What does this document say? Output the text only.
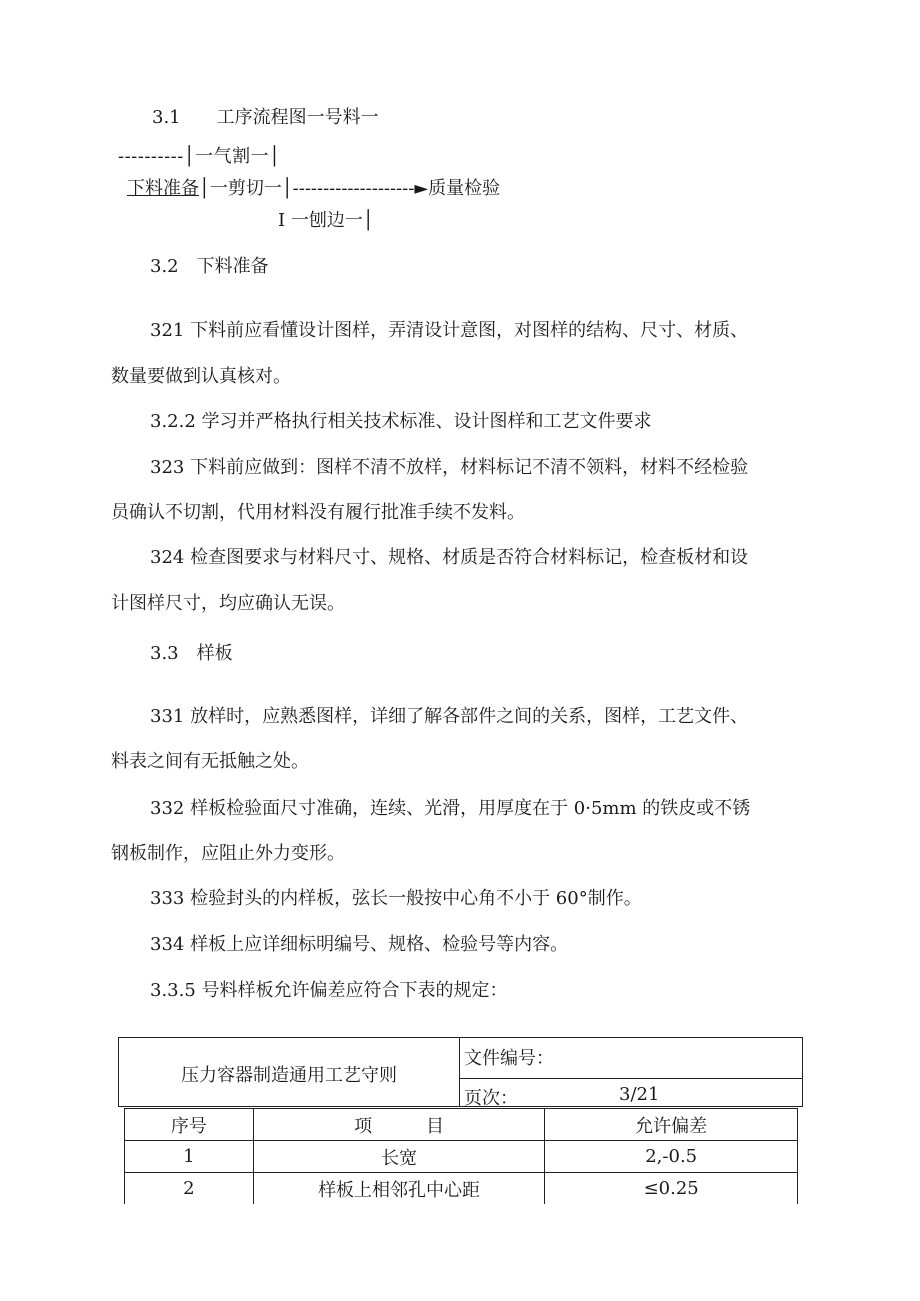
3.1　　工序流程图一号料一
----------│一气割一│
下料准备│一剪切一│--------------------►质量检验
I 一刨边一│
3.2　下料准备
321 下料前应看懂设计图样，弄清设计意图，对图样的结构、尺寸、材质、
数量要做到认真核对。
3.2.2 学习并严格执行相关技术标准、设计图样和工艺文件要求
323 下料前应做到：图样不清不放样，材料标记不清不领料，材料不经检验
员确认不切割，代用材料没有履行批准手续不发料。
324 检查图要求与材料尺寸、规格、材质是否符合材料标记，检查板材和设
计图样尺寸，均应确认无误。
3.3　样板
331 放样时，应熟悉图样，详细了解各部件之间的关系，图样，工艺文件、
料表之间有无抵触之处。
332 样板检验面尺寸准确，连续、光滑，用厚度在于 0·5mm 的铁皮或不锈
钢板制作，应阻止外力变形。
333 检验封头的内样板，弦长一般按中心角不小于 60°制作。
334 样板上应详细标明编号、规格、检验号等内容。
3.3.5 号料样板允许偏差应符合下表的规定：
压力容器制造通用工艺守则
文件编号：
页次：	3/21
序号	项　　　目	允许偏差
1	长宽	2,-0.5
2	样板上相邻孔中心距	≤0.25
